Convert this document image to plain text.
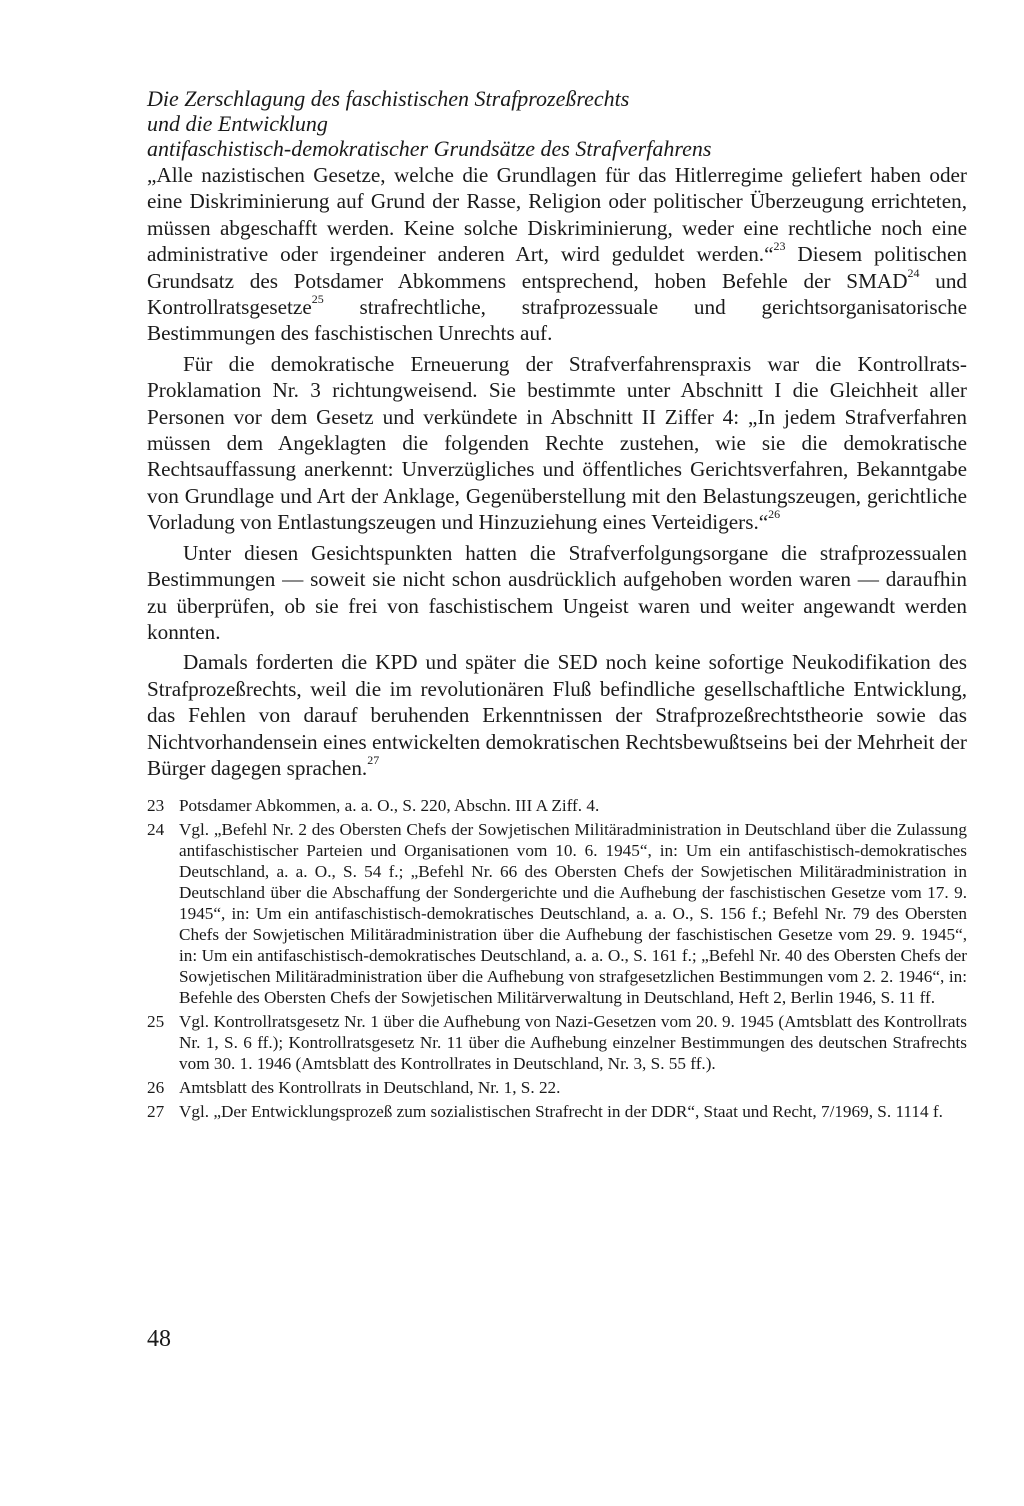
Die Zerschlagung des faschistischen Strafprozeßrechts
und die Entwicklung
antifaschistisch-demokratischer Grundsätze des Strafverfahrens

„Alle nazistischen Gesetze, welche die Grundlagen für das Hitlerregime geliefert haben oder eine Diskriminierung auf Grund der Rasse, Religion oder politischer Überzeugung errichteten, müssen abgeschafft werden. Keine solche Diskriminierung, weder eine rechtliche noch eine administrative oder irgendeiner anderen Art, wird geduldet werden.“$^{23}$ Diesem politischen Grundsatz des Potsdamer Abkommens entsprechend, hoben Befehle der SMAD$^{24}$ und Kontrollratsgesetze$^{25}$ strafrechtliche, strafprozessuale und gerichtsorganisatorische Bestimmungen des faschistischen Unrechts auf.

Für die demokratische Erneuerung der Strafverfahrenspraxis war die Kontrollrats-Proklamation Nr. 3 richtungweisend. Sie bestimmte unter Abschnitt I die Gleichheit aller Personen vor dem Gesetz und verkündete in Abschnitt II Ziffer 4: „In jedem Strafverfahren müssen dem Angeklagten die folgenden Rechte zustehen, wie sie die demokratische Rechtsauffassung anerkennt: Unverzügliches und öffentliches Gerichtsverfahren, Bekanntgabe von Grundlage und Art der Anklage, Gegenüberstellung mit den Belastungszeugen, gerichtliche Vorladung von Entlastungszeugen und Hinzuziehung eines Verteidigers.“$^{26}$

Unter diesen Gesichtspunkten hatten die Strafverfolgungsorgane die strafprozessualen Bestimmungen — soweit sie nicht schon ausdrücklich aufgehoben worden waren — daraufhin zu überprüfen, ob sie frei von faschistischem Ungeist waren und weiter angewandt werden konnten.

Damals forderten die KPD und später die SED noch keine sofortige Neukodifikation des Strafprozeßrechts, weil die im revolutionären Fluß befindliche gesellschaftliche Entwicklung, das Fehlen von darauf beruhenden Erkenntnissen der Strafprozeßrechtstheorie sowie das Nichtvorhandensein eines entwickelten demokratischen Rechtsbewußtseins bei der Mehrheit der Bürger dagegen sprachen.$^{27}$

23 Potsdamer Abkommen, a. a. O., S. 220, Abschn. III A Ziff. 4.
24 Vgl. „Befehl Nr. 2 des Obersten Chefs der Sowjetischen Militäradministration in Deutschland über die Zulassung antifaschistischer Parteien und Organisationen vom 10. 6. 1945“, in: Um ein antifaschistisch-demokratisches Deutschland, a. a. O., S. 54 f.; „Befehl Nr. 66 des Obersten Chefs der Sowjetischen Militäradministration in Deutschland über die Abschaffung der Sondergerichte und die Aufhebung der faschistischen Gesetze vom 17. 9. 1945“, in: Um ein antifaschistisch-demokratisches Deutschland, a. a. O., S. 156 f.; Befehl Nr. 79 des Obersten Chefs der Sowjetischen Militäradministration über die Aufhebung der faschistischen Gesetze vom 29. 9. 1945“, in: Um ein antifaschistisch-demokratisches Deutschland, a. a. O., S. 161 f.; „Befehl Nr. 40 des Obersten Chefs der Sowjetischen Militäradministration über die Aufhebung von strafgesetzlichen Bestimmungen vom 2. 2. 1946“, in: Befehle des Obersten Chefs der Sowjetischen Militärverwaltung in Deutschland, Heft 2, Berlin 1946, S. 11 ff.
25 Vgl. Kontrollratsgesetz Nr. 1 über die Aufhebung von Nazi-Gesetzen vom 20. 9. 1945 (Amtsblatt des Kontrollrats Nr. 1, S. 6 ff.); Kontrollratsgesetz Nr. 11 über die Aufhebung einzelner Bestimmungen des deutschen Strafrechts vom 30. 1. 1946 (Amtsblatt des Kontrollrates in Deutschland, Nr. 3, S. 55 ff.).
26 Amtsblatt des Kontrollrats in Deutschland, Nr. 1, S. 22.
27 Vgl. „Der Entwicklungsprozeß zum sozialistischen Strafrecht in der DDR“, Staat und Recht, 7/1969, S. 1114 f.
48
